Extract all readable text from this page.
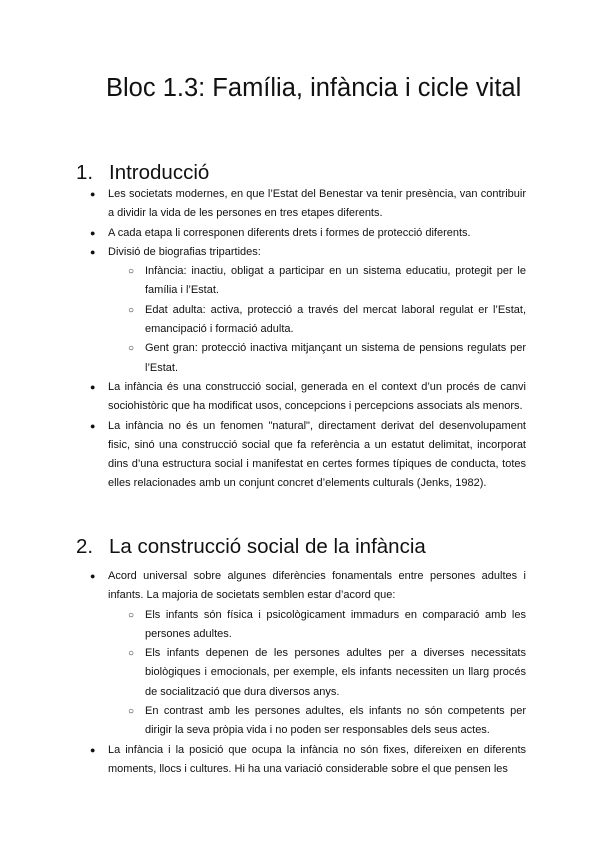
Bloc 1.3: Família, infància i cicle vital
1. Introducció
● Les societats modernes, en que l’Estat del Benestar va tenir presència, van contribuir a dividir la vida de les persones en tres etapes diferents.
● A cada etapa li corresponen diferents drets i formes de protecció diferents.
● Divisió de biografias tripartides:
○ Infància: inactiu, obligat a participar en un sistema educatiu, protegit per le família i l’Estat.
○ Edat adulta: activa, protecció a través del mercat laboral regulat er l’Estat, emancipació i formació adulta.
○ Gent gran: protecció inactiva mitjançant un sistema de pensions regulats per l’Estat.
● La infància és una construcció social, generada en el context d’un procés de canvi sociohistòric que ha modificat usos, concepcions i percepcions associats als menors.
● La infància no és un fenomen "natural", directament derivat del desenvolupament fisic, sinó una construcció social que fa referència a un estatut delimitat, incorporat dins d’una estructura social i manifestat en certes formes típiques de conducta, totes elles relacionades amb un conjunt concret d’elements culturals (Jenks, 1982).
2. La construcció social de la infància
● Acord universal sobre algunes diferències fonamentals entre persones adultes i infants. La majoria de societats semblen estar d’acord que:
○ Els infants són física i psicològicament immadurs en comparació amb les persones adultes.
○ Els infants depenen de les persones adultes per a diverses necessitats biològiques i emocionals, per exemple, els infants necessiten un llarg procés de socialització que dura diversos anys.
○ En contrast amb les persones adultes, els infants no són competents per dirigir la seva pròpia vida i no poden ser responsables dels seus actes.
● La infància i la posició que ocupa la infància no són fixes, difereixen en diferents moments, llocs i cultures. Hi ha una variació considerable sobre el que pensen les
